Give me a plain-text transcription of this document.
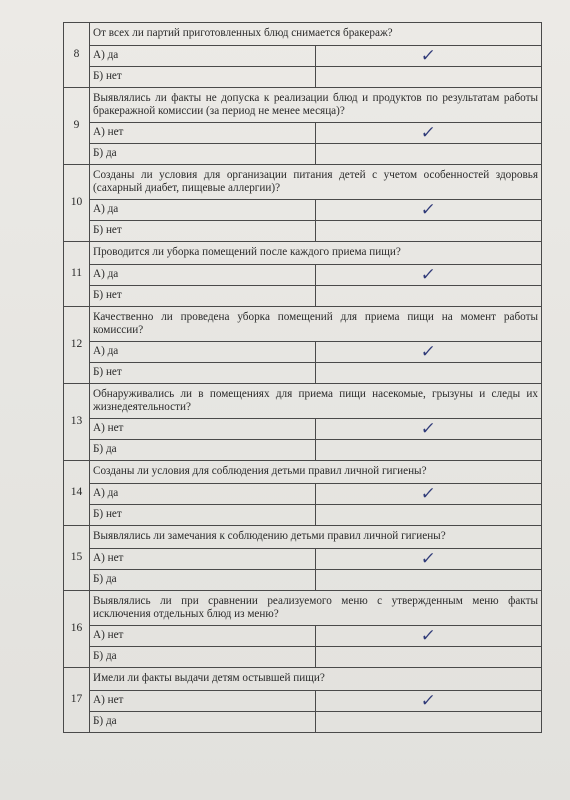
8	От всех ли партий приготовленных блюд снимается бракераж?	
	А) да	✓
	Б) нет	
9	Выявлялись ли факты не допуска к реализации блюд и продуктов по результатам работы бракеражной комиссии (за период не менее месяца)?	
	А) нет	✓
	Б) да	
10	Созданы ли условия для организации питания детей с учетом особенностей здоровья (сахарный диабет, пищевые аллергии)?	
	А) да	✓
	Б) нет	
11	Проводится ли уборка помещений после каждого приема пищи?	
	А) да	✓
	Б) нет	
12	Качественно ли проведена уборка помещений для приема пищи на момент работы комиссии?	
	А) да	✓
	Б) нет	
13	Обнаруживались ли в помещениях для приема пищи насекомые, грызуны и следы их жизнедеятельности?	
	А) нет	✓
	Б) да	
14	Созданы ли условия для соблюдения детьми правил личной гигиены?	
	А) да	✓
	Б) нет	
15	Выявлялись ли замечания к соблюдению детьми правил личной гигиены?	
	А) нет	✓
	Б) да	
16	Выявлялись ли при сравнении реализуемого меню с утвержденным меню факты исключения отдельных блюд из меню?	
	А) нет	✓
	Б) да	
17	Имели ли факты выдачи детям остывшей пищи?	
	А) нет	✓
	Б) да	
